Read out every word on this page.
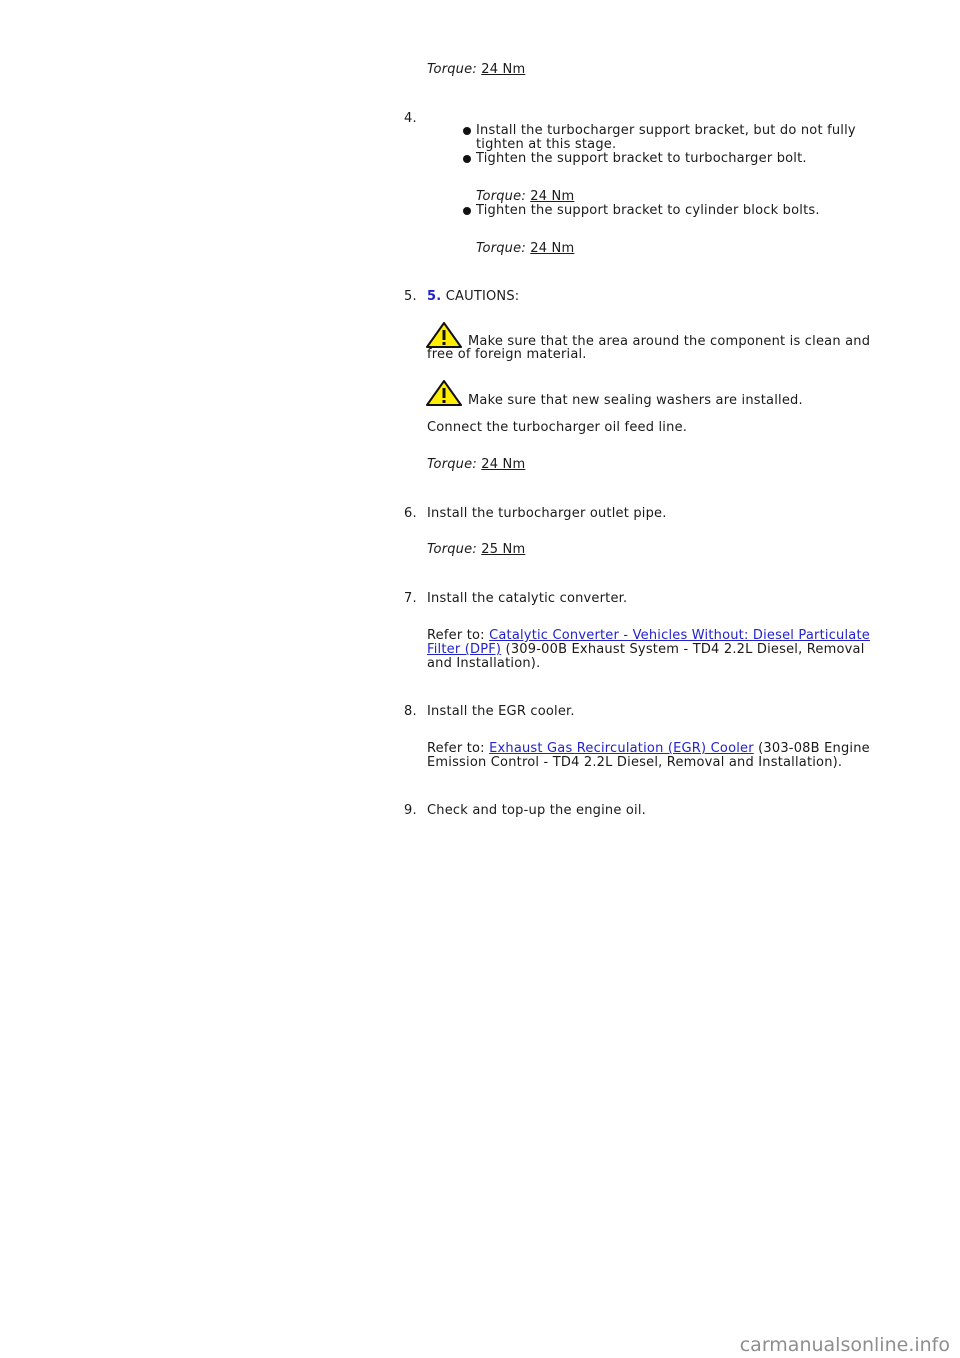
Torque: 24 Nm
4.
Install the turbocharger support bracket, but do not fully
tighten at this stage.
Tighten the support bracket to turbocharger bolt.
Torque: 24 Nm
Tighten the support bracket to cylinder block bolts.
Torque: 24 Nm
5. 5. CAUTIONS:
Make sure that the area around the component is clean and
free of foreign material.
Make sure that new sealing washers are installed.
Connect the turbocharger oil feed line.
Torque: 24 Nm
6. Install the turbocharger outlet pipe.
Torque: 25 Nm
7. Install the catalytic converter.
Refer to: Catalytic Converter - Vehicles Without: Diesel Particulate
Filter (DPF) (309-00B Exhaust System - TD4 2.2L Diesel, Removal
and Installation).
8. Install the EGR cooler.
Refer to: Exhaust Gas Recirculation (EGR) Cooler (303-08B Engine
Emission Control - TD4 2.2L Diesel, Removal and Installation).
9. Check and top-up the engine oil.
carmanualsonline.info
